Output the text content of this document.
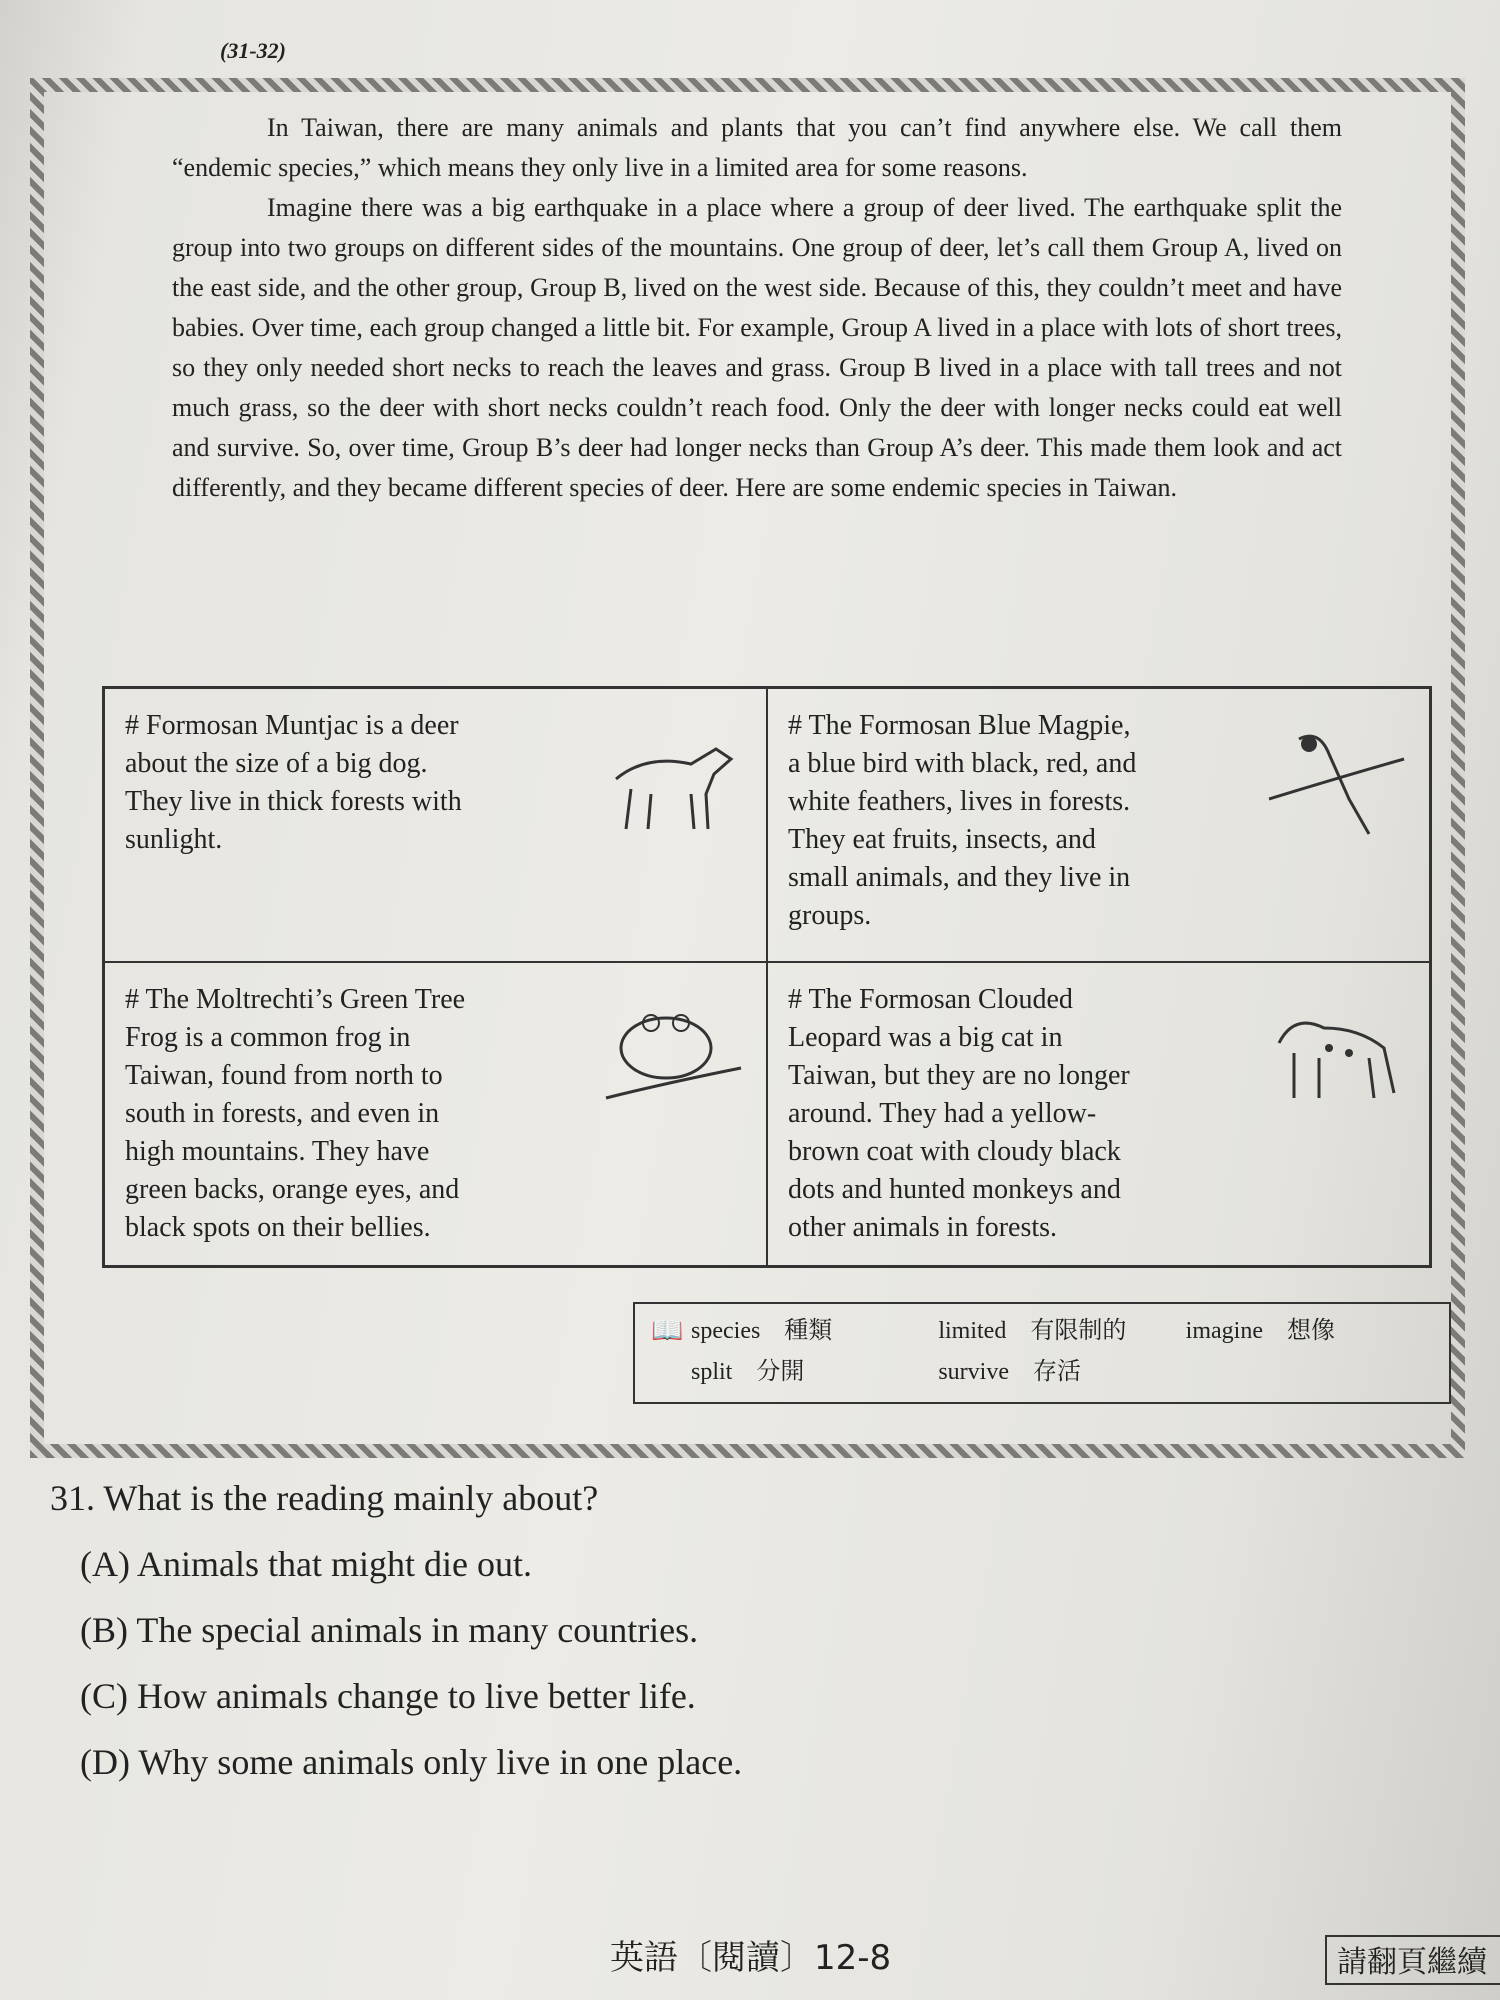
(31-32)

In Taiwan, there are many animals and plants that you can’t find anywhere else. We call them “endemic species,” which means they only live in a limited area for some reasons.

Imagine there was a big earthquake in a place where a group of deer lived. The earthquake split the group into two groups on different sides of the mountains. One group of deer, let’s call them Group A, lived on the east side, and the other group, Group B, lived on the west side. Because of this, they couldn’t meet and have babies. Over time, each group changed a little bit. For example, Group A lived in a place with lots of short trees, so they only needed short necks to reach the leaves and grass. Group B lived in a place with tall trees and not much grass, so the deer with short necks couldn’t reach food. Only the deer with longer necks could eat well and survive. So, over time, Group B’s deer had longer necks than Group A’s deer. This made them look and act differently, and they became different species of deer. Here are some endemic species in Taiwan.

# Formosan Muntjac is a deer about the size of a big dog. They live in thick forests with sunlight.
# The Formosan Blue Magpie, a blue bird with black, red, and white feathers, lives in forests. They eat fruits, insects, and small animals, and they live in groups.
# The Moltrechti’s Green Tree Frog is a common frog in Taiwan, found from north to south in forests, and even in high mountains. They have green backs, orange eyes, and black spots on their bellies.
# The Formosan Clouded Leopard was a big cat in Taiwan, but they are no longer around. They had a yellow-brown coat with cloudy black dots and hunted monkeys and other animals in forests.
📖 species　種類	limited　有限制的	imagine　想像
split　分開	survive　存活

31. What is the reading mainly about?

(A) Animals that might die out.

(B) The special animals in many countries.

(C) How animals change to live better life.

(D) Why some animals only live in one place.

英語〔閱讀〕12-8	請翻頁繼續
